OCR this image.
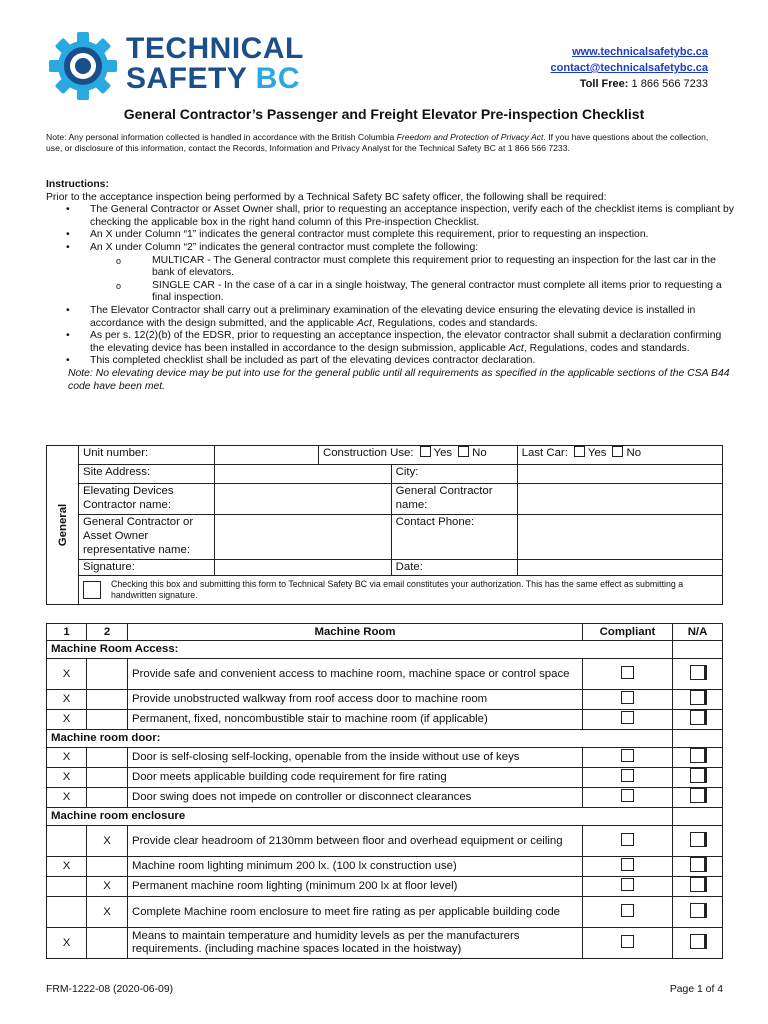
TECHNICAL
SAFETY BC
www.technicalsafetybc.ca
contact@technicalsafetybc.ca
Toll Free: 1 866 566 7233
General Contractor’s Passenger and Freight Elevator Pre-inspection Checklist
Note: Any personal information collected is handled in accordance with the British Columbia Freedom and Protection of Privacy Act. If you have questions about the collection, use, or disclosure of this information, contact the Records, Information and Privacy Analyst for the Technical Safety BC at 1 866 566 7233.
Instructions:
Prior to the acceptance inspection being performed by a Technical Safety BC safety officer, the following shall be required:
• The General Contractor or Asset Owner shall, prior to requesting an acceptance inspection, verify each of the checklist items is compliant by checking the applicable box in the right hand column of this Pre-inspection Checklist.
• An X under Column “1” indicates the general contractor must complete this requirement, prior to requesting an inspection.
• An X under Column “2” indicates the general contractor must complete the following:
o MULTICAR - The General contractor must complete this requirement prior to requesting an inspection for the last car in the bank of elevators.
o SINGLE CAR - In the case of a car in a single hoistway, The general contractor must complete all items prior to requesting a final inspection.
• The Elevator Contractor shall carry out a preliminary examination of the elevating device ensuring the elevating device is installed in accordance with the design submitted, and the applicable Act, Regulations, codes and standards.
• As per s. 12(2)(b) of the EDSR, prior to requesting an acceptance inspection, the elevator contractor shall submit a declaration confirming the elevating device has been installed in accordance to the design submission, applicable Act, Regulations, codes and standards.
• This completed checklist shall be included as part of the elevating devices contractor declaration.
Note: No elevating device may be put into use for the general public until all requirements as specified in the applicable sections of the CSA B44 code have been met.
General	Unit number:		Construction Use: Yes No		Last Car: Yes No
	Site Address:			City:	
	Elevating Devices Contractor name:			General Contractor name:	
	General Contractor or Asset Owner representative name:			Contact Phone:	
	Signature:			Date:	

	Checking this box and submitting this form to Technical Safety BC via email constitutes your authorization. This has the same effect as submitting a handwritten signature.				
1	2	Machine Room	Compliant	N/A
Machine Room Access:				
X		Provide safe and convenient access to machine room, machine space or control space		
X		Provide unobstructed walkway from roof access door to machine room		
X		Permanent, fixed, noncombustible stair to machine room (if applicable)		
Machine room door:				
X		Door is self-closing self-locking, openable from the inside without use of keys		
X		Door meets applicable building code requirement for fire rating		
X		Door swing does not impede on controller or disconnect clearances		
Machine room enclosure				
	X	Provide clear headroom of 2130mm between floor and overhead equipment or ceiling		
X		Machine room lighting minimum 200 lx. (100 lx construction use)		
	X	Permanent machine room lighting (minimum 200 lx at floor level)		
	X	Complete Machine room enclosure to meet fire rating as per applicable building code		
X		Means to maintain temperature and humidity levels as per the manufacturers requirements. (including machine spaces located in the hoistway)		
FRM-1222-08 (2020-06-09)	Page 1 of 4
